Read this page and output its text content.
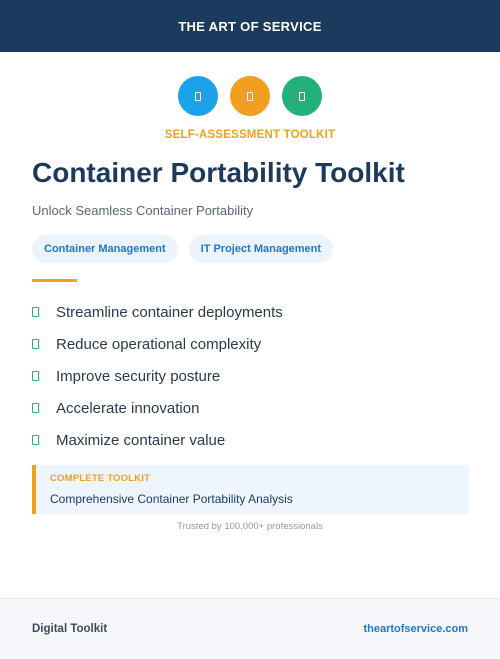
THE ART OF SERVICE
SELF-ASSESSMENT TOOLKIT
Container Portability Toolkit

Unlock Seamless Container Portability

Container Management	IT Project Management
Streamline container deployments
Reduce operational complexity
Improve security posture
Accelerate innovation
Maximize container value
COMPLETE TOOLKIT
Comprehensive Container Portability Analysis
Trusted by 100,000+ professionals
Digital Toolkit	theartofservice.com
